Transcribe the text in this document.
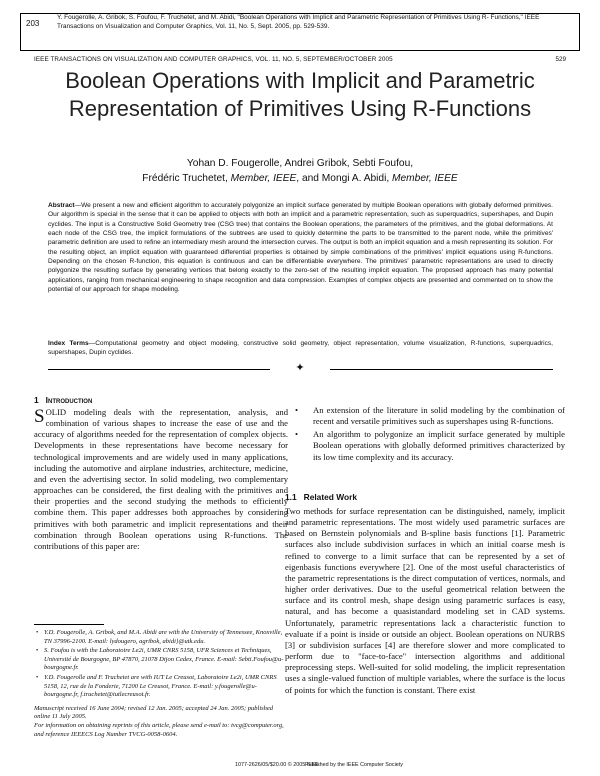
203
Y. Fougerolle, A. Gribok, S. Foufou, F. Truchetet, and M. Abidi, "Boolean Operations with Implicit and Parametric Representation of Primitives Using R- Functions," IEEE Transactions on Visualization and Computer Graphics, Vol. 11, No. 5, Sept. 2005, pp. 529-539.
IEEE TRANSACTIONS ON VISUALIZATION AND COMPUTER GRAPHICS, VOL. 11, NO. 5, SEPTEMBER/OCTOBER 2005	529
Boolean Operations with Implicit and Parametric Representation of Primitives Using R-Functions
Yohan D. Fougerolle, Andrei Gribok, Sebti Foufou,
Frédéric Truchetet, Member, IEEE, and Mongi A. Abidi, Member, IEEE
Abstract—We present a new and efficient algorithm to accurately polygonize an implicit surface generated by multiple Boolean operations with globally deformed primitives. Our algorithm is special in the sense that it can be applied to objects with both an implicit and a parametric representation, such as superquadrics, supershapes, and Dupin cyclides. The input is a Constructive Solid Geometry tree (CSG tree) that contains the Boolean operations, the parameters of the primitives, and the global deformations. At each node of the CSG tree, the implicit formulations of the subtrees are used to quickly determine the parts to be transmitted to the parent node, while the primitives' parametric definition are used to refine an intermediary mesh around the intersection curves. The output is both an implicit equation and a mesh representing its solution. For the resulting object, an implicit equation with guaranteed differential properties is obtained by simple combinations of the primitives' implicit equations using R-functions. Depending on the chosen R-function, this equation is continuous and can be differentiable everywhere. The primitives' parametric representations are used to directly polygonize the resulting surface by generating vertices that belong exactly to the zero-set of the resulting implicit equation. The proposed approach has many potential applications, ranging from mechanical engineering to shape recognition and data compression. Examples of complex objects are presented and commented on to show the potential of our approach for shape modeling.
Index Terms—Computational geometry and object modeling, constructive solid geometry, object representation, volume visualization, R-functions, superquadrics, supershapes, Dupin cyclides.
✦
1 Introduction
SOLID modeling deals with the representation, analysis, and combination of various shapes to increase the ease of use and the accuracy of algorithms needed for the representation of complex objects. Developments in these representations have become necessary for technological improvements and are widely used in many applications, including the automotive and airplane industries, architecture, medicine, and even the advertising sector. In solid modeling, two complementary approaches can be considered, the first dealing with the primitives and their properties and the second studying the methods to efficiently combine them. This paper addresses both approaches by considering primitives with both parametric and implicit representations and their combination through Boolean operations using R-functions. The contributions of this paper are:
• An extension of the literature in solid modeling by the combination of recent and versatile primitives such as supershapes using R-functions.
• An algorithm to polygonize an implicit surface generated by multiple Boolean operations with globally deformed primitives characterized by its low time complexity and its accuracy.
1.1 Related Work
Two methods for surface representation can be distinguished, namely, implicit and parametric representations. The most widely used parametric surfaces are based on Bernstein polynomials and B-spline basis functions [1]. Parametric surfaces also include subdivision surfaces in which an initial coarse mesh is refined to converge to a limit surface that can be represented by a set of eigenbasis functions everywhere [2]. One of the most useful characteristics of the parametric representations is the direct computation of vertices, normals, and higher order derivatives. Due to the useful geometrical relation between the surface and its control mesh, shape design using parametric surfaces is easy, natural, and has become a quasistandard modeling set in CAD systems. Unfortunately, parametric representations lack a characteristic function to evaluate if a point is inside or outside an object. Boolean operations on NURBS [3] or subdivision surfaces [4] are therefore slower and more complicated to perform due to "face-to-face" intersection algorithms and additional preprocessing steps. Well-suited for solid modeling, the implicit representation uses a single-valued function of multiple variables, where the surface is the locus of points for which the function is constant. There exist
• Y.D. Fougerolle, A. Gribok, and M.A. Abidi are with the University of Tennessee, Knoxville, TN 37996-2100. E-mail: lydougero, agribok, abidi}@utk.edu.
• S. Foufou is with the Laboratoire Le2i, UMR CNRS 5158, UFR Sciences et Techniques, Université de Bourgogne, BP 47870, 21078 Dijon Cedex, France. E-mail: Sebti.Foufou@u-bourgogne.fr.
• Y.D. Fougerolle and F. Truchetet are with IUT Le Creusot, Laboratoire Le2i, UMR CNRS 5158, 12, rue de la Fonderie, 71200 Le Creusot, France. E-mail: y.fougerolle@u-bourgogne.fr, f.truchetet@iutlecreusot.fr.
Manuscript received 16 June 2004; revised 12 Jan. 2005; accepted 24 Jan. 2005; published online 11 July 2005.
For information on obtaining reprints of this article, please send e-mail to: tvcg@computer.org, and reference IEEECS Log Number TVCG-0058-0604.
1077-2626/05/$20.00 © 2005 IEEE
Published by the IEEE Computer Society
